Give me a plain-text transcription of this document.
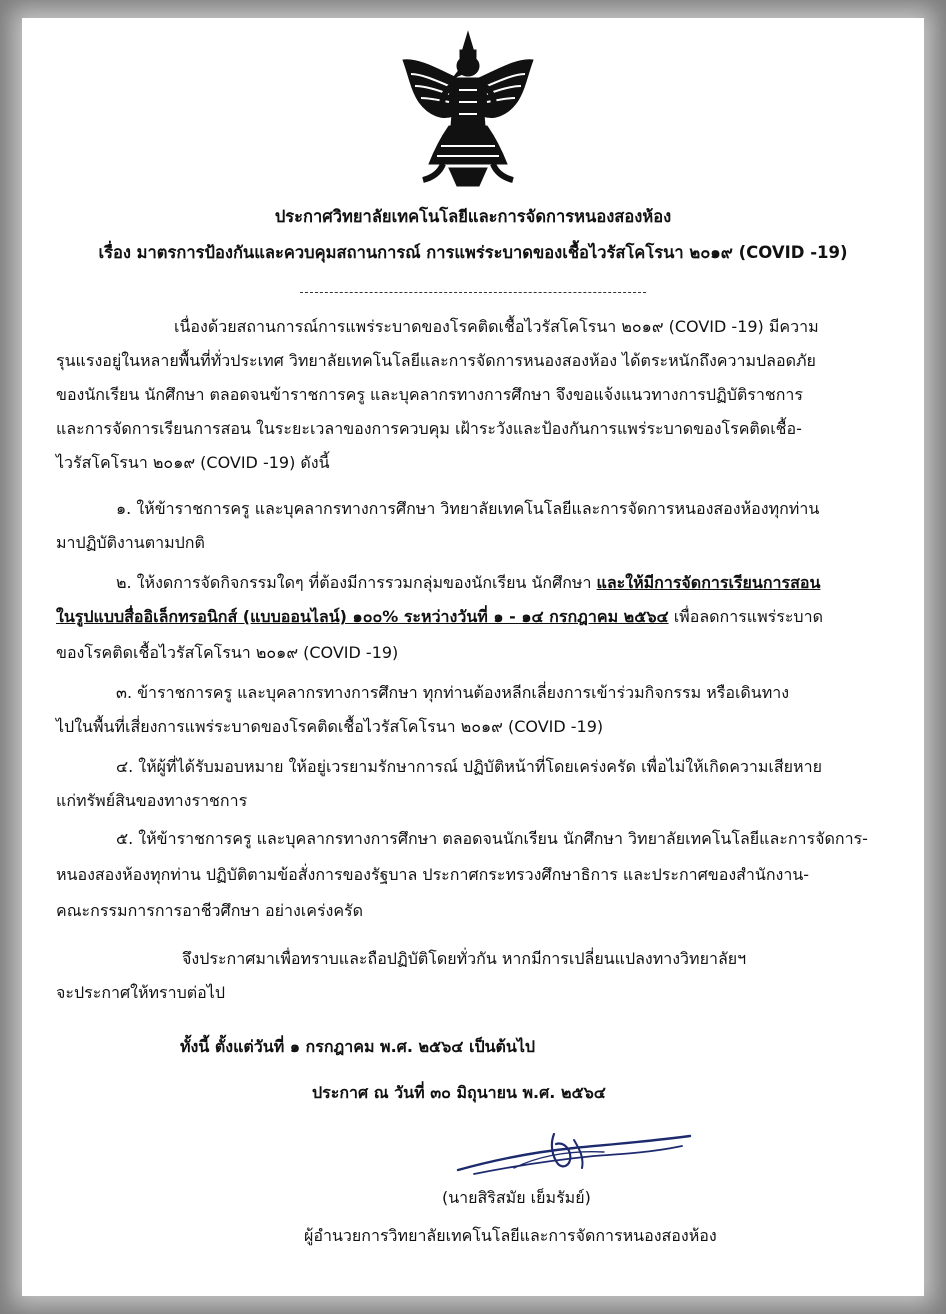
ประกาศวิทยาลัยเทคโนโลยีและการจัดการหนองสองห้อง

เรื่อง มาตรการป้องกันและควบคุมสถานการณ์ การแพร่ระบาดของเชื้อไวรัสโคโรนา ๒๐๑๙ (COVID -19)

เนื่องด้วยสถานการณ์การแพร่ระบาดของโรคติดเชื้อไวรัสโคโรนา ๒๐๑๙ (COVID -19) มีความ

รุนแรงอยู่ในหลายพื้นที่ทั่วประเทศ วิทยาลัยเทคโนโลยีและการจัดการหนองสองห้อง ได้ตระหนักถึงความปลอดภัย

ของนักเรียน นักศึกษา ตลอดจนข้าราชการครู และบุคลากรทางการศึกษา จึงขอแจ้งแนวทางการปฏิบัติราชการ

และการจัดการเรียนการสอน ในระยะเวลาของการควบคุม เฝ้าระวังและป้องกันการแพร่ระบาดของโรคติดเชื้อ-

ไวรัสโคโรนา ๒๐๑๙ (COVID -19) ดังนี้

๑. ให้ข้าราชการครู และบุคลากรทางการศึกษา วิทยาลัยเทคโนโลยีและการจัดการหนองสองห้องทุกท่าน

มาปฏิบัติงานตามปกติ

๒. ให้งดการจัดกิจกรรมใดๆ ที่ต้องมีการรวมกลุ่มของนักเรียน นักศึกษา และให้มีการจัดการเรียนการสอน

ในรูปแบบสื่ออิเล็กทรอนิกส์ (แบบออนไลน์) ๑๐๐% ระหว่างวันที่ ๑ - ๑๔ กรกฎาคม ๒๕๖๔ เพื่อลดการแพร่ระบาด

ของโรคติดเชื้อไวรัสโคโรนา ๒๐๑๙ (COVID -19)

๓. ข้าราชการครู และบุคลากรทางการศึกษา ทุกท่านต้องหลีกเลี่ยงการเข้าร่วมกิจกรรม หรือเดินทาง

ไปในพื้นที่เสี่ยงการแพร่ระบาดของโรคติดเชื้อไวรัสโคโรนา ๒๐๑๙ (COVID -19)

๔. ให้ผู้ที่ได้รับมอบหมาย ให้อยู่เวรยามรักษาการณ์ ปฏิบัติหน้าที่โดยเคร่งครัด เพื่อไม่ให้เกิดความเสียหาย

แก่ทรัพย์สินของทางราชการ

๕. ให้ข้าราชการครู และบุคลากรทางการศึกษา ตลอดจนนักเรียน นักศึกษา วิทยาลัยเทคโนโลยีและการจัดการ-

หนองสองห้องทุกท่าน ปฏิบัติตามข้อสั่งการของรัฐบาล ประกาศกระทรวงศึกษาธิการ และประกาศของสำนักงาน-

คณะกรรมการการอาชีวศึกษา อย่างเคร่งครัด

จึงประกาศมาเพื่อทราบและถือปฏิบัติโดยทั่วกัน หากมีการเปลี่ยนแปลงทางวิทยาลัยฯ

จะประกาศให้ทราบต่อไป

ทั้งนี้ ตั้งแต่วันที่ ๑ กรกฎาคม พ.ศ. ๒๕๖๔ เป็นต้นไป

ประกาศ ณ วันที่ ๓๐ มิถุนายน พ.ศ. ๒๕๖๔

(นายสิริสมัย เย็มรัมย์)

ผู้อำนวยการวิทยาลัยเทคโนโลยีและการจัดการหนองสองห้อง
